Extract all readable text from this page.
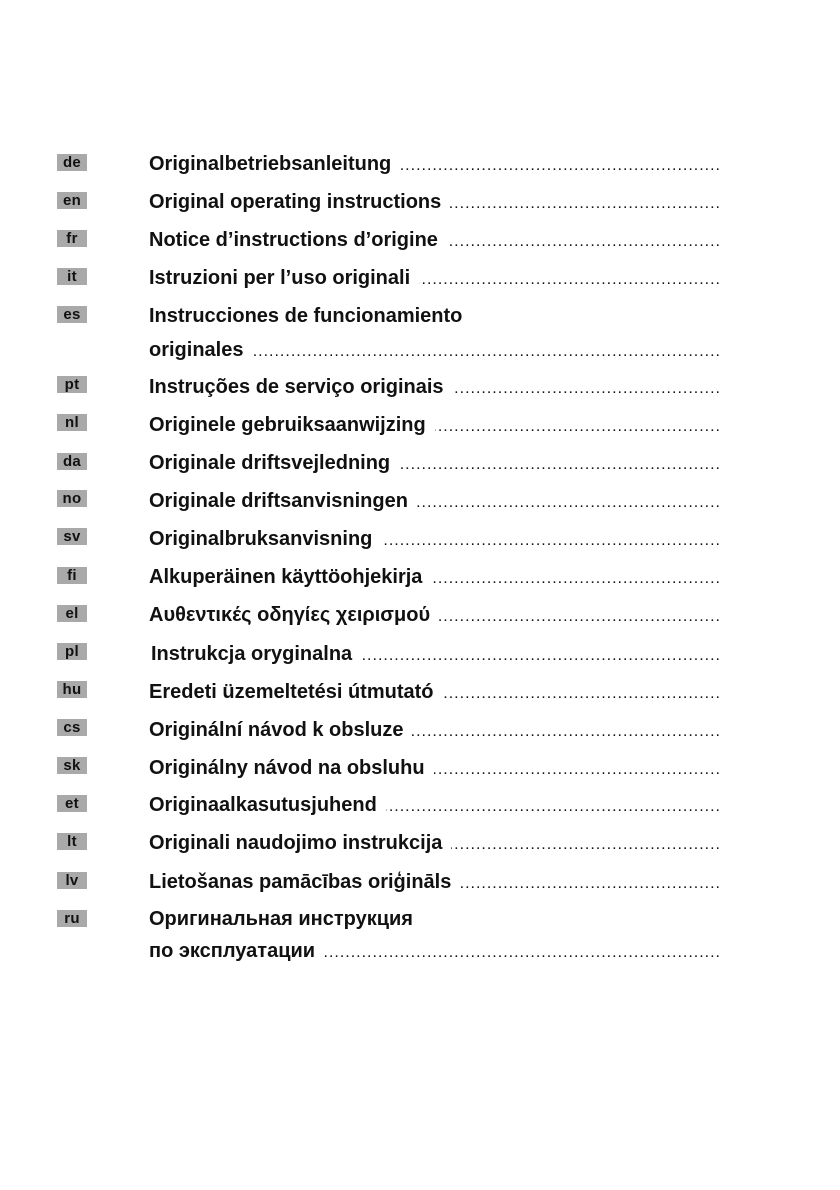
de	Originalbetriebsanleitung
.....
en	Original operating instructions
.....
fr	Notice d’instructions d’origine
.....
it	Istruzioni per l’uso originali
.....
es	Instrucciones de funcionamiento
originales
.....
pt	Instruções de serviço originais
.....
nl	Originele gebruiksaanwijzing
.....
da	Originale driftsvejledning
.....
no	Originale driftsanvisningen
.....
sv	Originalbruksanvisning
.....
fi	Alkuperäinen käyttöohjekirja
.....
el	Αυθεντικές οδηγίες χειρισμού
.....
pl	Instrukcja oryginalna
.....
hu	Eredeti üzemeltetési útmutató
.....
cs	Originální návod k obsluze
.....
sk	Originálny návod na obsluhu
.....
et	Originaalkasutusjuhend
.....
lt	Originali naudojimo instrukcija
.....
lv	Lietošanas pamācības oriģināls
.....
ru	Оригинальная инструкция
по эксплуатации
.....
